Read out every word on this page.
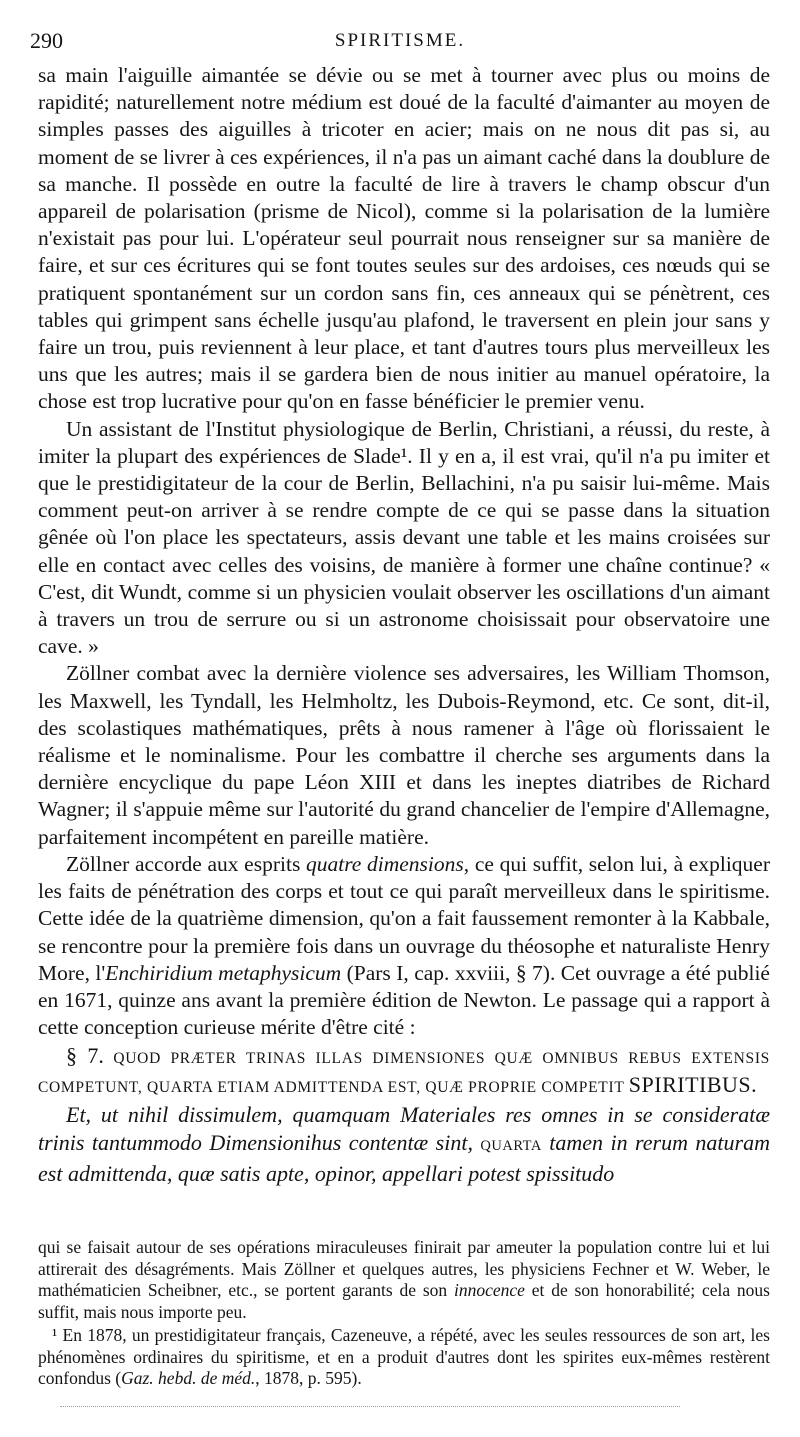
290	SPIRITISME.

sa main l'aiguille aimantée se dévie ou se met à tourner avec plus ou moins de rapidité; naturellement notre médium est doué de la faculté d'aimanter au moyen de simples passes des aiguilles à tricoter en acier; mais on ne nous dit pas si, au moment de se livrer à ces expériences, il n'a pas un aimant caché dans la doublure de sa manche. Il possède en outre la faculté de lire à travers le champ obscur d'un appareil de polarisation (prisme de Nicol), comme si la polarisation de la lumière n'existait pas pour lui. L'opérateur seul pourrait nous renseigner sur sa manière de faire, et sur ces écritures qui se font toutes seules sur des ardoises, ces nœuds qui se pratiquent spontanément sur un cordon sans fin, ces anneaux qui se pénètrent, ces tables qui grimpent sans échelle jusqu'au plafond, le traversent en plein jour sans y faire un trou, puis reviennent à leur place, et tant d'autres tours plus merveilleux les uns que les autres; mais il se gardera bien de nous initier au manuel opératoire, la chose est trop lucrative pour qu'on en fasse bénéficier le premier venu.

Un assistant de l'Institut physiologique de Berlin, Christiani, a réussi, du reste, à imiter la plupart des expériences de Slade¹. Il y en a, il est vrai, qu'il n'a pu imiter et que le prestidigitateur de la cour de Berlin, Bellachini, n'a pu saisir lui-même. Mais comment peut-on arriver à se rendre compte de ce qui se passe dans la situation gênée où l'on place les spectateurs, assis devant une table et les mains croisées sur elle en contact avec celles des voisins, de manière à former une chaîne continue? « C'est, dit Wundt, comme si un physicien voulait observer les oscillations d'un aimant à travers un trou de serrure ou si un astronome choisissait pour observatoire une cave. »

Zöllner combat avec la dernière violence ses adversaires, les William Thomson, les Maxwell, les Tyndall, les Helmholtz, les Dubois-Reymond, etc. Ce sont, dit-il, des scolastiques mathématiques, prêts à nous ramener à l'âge où florissaient le réalisme et le nominalisme. Pour les combattre il cherche ses arguments dans la dernière encyclique du pape Léon XIII et dans les ineptes diatribes de Richard Wagner; il s'appuie même sur l'autorité du grand chancelier de l'empire d'Allemagne, parfaitement incompétent en pareille matière.

Zöllner accorde aux esprits quatre dimensions, ce qui suffit, selon lui, à expliquer les faits de pénétration des corps et tout ce qui paraît merveilleux dans le spiritisme. Cette idée de la quatrième dimension, qu'on a fait faussement remonter à la Kabbale, se rencontre pour la première fois dans un ouvrage du théosophe et naturaliste Henry More, l'Enchiridium metaphysicum (Pars I, cap. xxviii, § 7). Cet ouvrage a été publié en 1671, quinze ans avant la première édition de Newton. Le passage qui a rapport à cette conception curieuse mérite d'être cité :

§ 7. QUOD PRÆTER TRINAS ILLAS DIMENSIONES QUÆ OMNIBUS REBUS EXTENSIS COMPETUNT, QUARTA ETIAM ADMITTENDA EST, QUÆ PROPRIE COMPETIT SPIRITIBUS.
Et, ut nihil dissimulem, quamquam Materiales res omnes in se consideratæ trinis tantummodo Dimensionihus contentæ sint, QUARTA tamen in rerum naturam est admittenda, quæ satis apte, opinor, appellari potest spissitudo

qui se faisait autour de ses opérations miraculeuses finirait par ameuter la population contre lui et lui attirerait des désagréments. Mais Zöllner et quelques autres, les physiciens Fechner et W. Weber, le mathématicien Scheibner, etc., se portent garants de son innocence et de son honorabilité; cela nous suffit, mais nous importe peu.

¹ En 1878, un prestidigitateur français, Cazeneuve, a répété, avec les seules ressources de son art, les phénomènes ordinaires du spiritisme, et en a produit d'autres dont les spirites eux-mêmes restèrent confondus (Gaz. hebd. de méd., 1878, p. 595).
